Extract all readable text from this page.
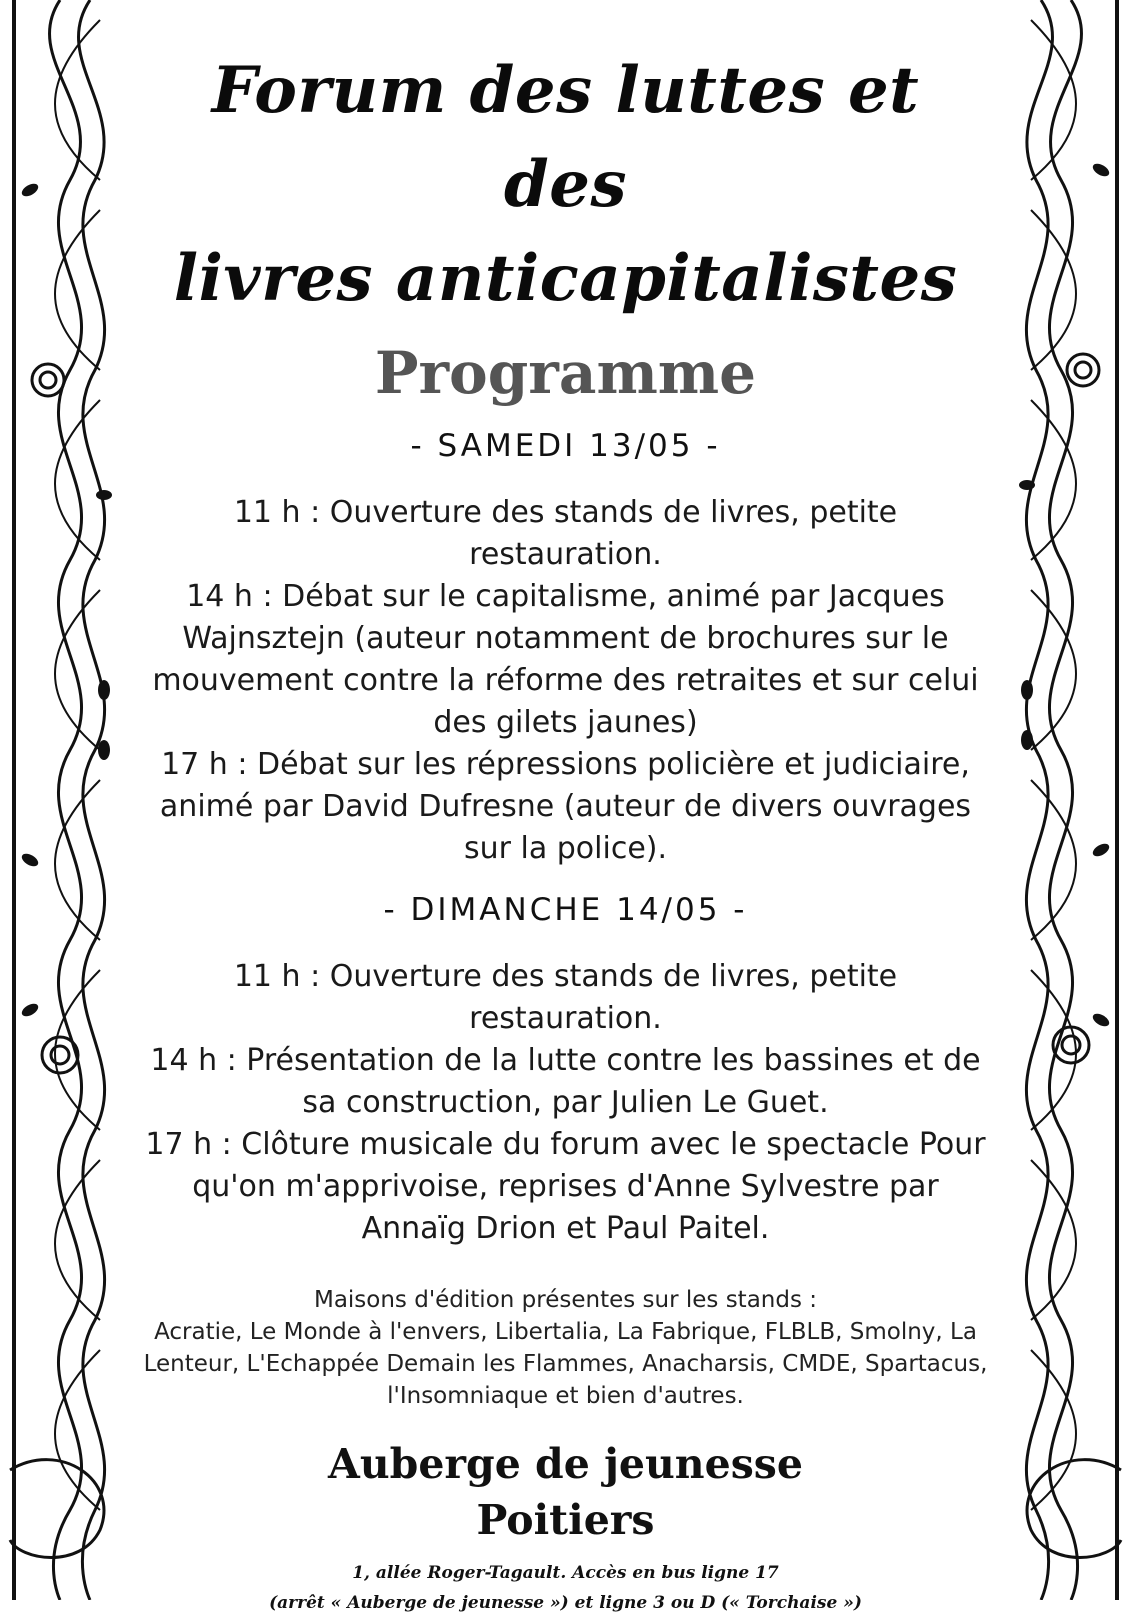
Forum des luttes et des
livres anticapitalistes
Programme
- SAMEDI 13/05 -

11 h : Ouverture des stands de livres, petite restauration.

14 h : Débat sur le capitalisme, animé par Jacques Wajnsztejn (auteur notamment de brochures sur le mouvement contre la réforme des retraites et sur celui des gilets jaunes)

17 h : Débat sur les répressions policière et judiciaire, animé par David Dufresne (auteur de divers ouvrages sur la police).

- DIMANCHE 14/05 -

11 h : Ouverture des stands de livres, petite restauration.

14 h : Présentation de la lutte contre les bassines et de sa construction, par Julien Le Guet.

17 h : Clôture musicale du forum avec le spectacle Pour qu'on m'apprivoise, reprises d'Anne Sylvestre par Annaïg Drion et Paul Paitel.

Maisons d'édition présentes sur les stands :
Acratie, Le Monde à l'envers, Libertalia, La Fabrique, FLBLB, Smolny, La Lenteur, L'Echappée Demain les Flammes, Anacharsis, CMDE, Spartacus, l'Insomniaque et bien d'autres.
Auberge de jeunesse
Poitiers
1, allée Roger-Tagault. Accès en bus ligne 17
(arrêt « Auberge de jeunesse ») et ligne 3 ou D (« Torchaise »)
